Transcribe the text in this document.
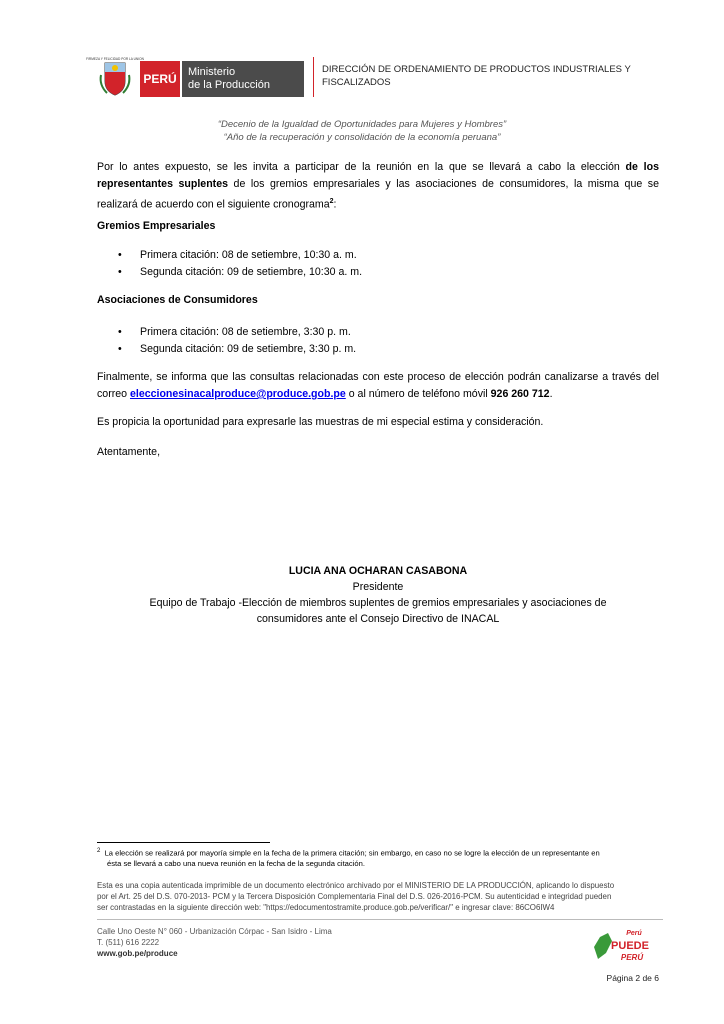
FIRMEZA Y FELICIDAD POR LA UNION
PERÚ Ministerio
de la Producción
DIRECCIÓN DE ORDENAMIENTO DE PRODUCTOS INDUSTRIALES Y
FISCALIZADOS
“Decenio de la Igualdad de Oportunidades para Mujeres y Hombres”
“Año de la recuperación y consolidación de la economía peruana”
Por lo antes expuesto, se les invita a participar de la reunión en la que se llevará a cabo la elección de los representantes suplentes de los gremios empresariales y las asociaciones de consumidores, la misma que se realizará de acuerdo con el siguiente cronograma$^2$:
Gremios Empresariales
• Primera citación: 08 de setiembre, 10:30 a. m.
• Segunda citación: 09 de setiembre, 10:30 a. m.
Asociaciones de Consumidores
• Primera citación: 08 de setiembre, 3:30 p. m.
• Segunda citación: 09 de setiembre, 3:30 p. m.
Finalmente, se informa que las consultas relacionadas con este proceso de elección podrán canalizarse a través del correo eleccionesinacalproduce@produce.gob.pe o al número de teléfono móvil 926 260 712.
Es propicia la oportunidad para expresarle las muestras de mi especial estima y consideración.
Atentamente,
LUCIA ANA OCHARAN CASABONA
Presidente
Equipo de Trabajo -Elección de miembros suplentes de gremios empresariales y asociaciones de
consumidores ante el Consejo Directivo de INACAL
$^2$ La elección se realizará por mayoría simple en la fecha de la primera citación; sin embargo, en caso no se logre la elección de un representante en
ésta se llevará a cabo una nueva reunión en la fecha de la segunda citación.
Esta es una copia autenticada imprimible de un documento electrónico archivado por el MINISTERIO DE LA PRODUCCIÓN, aplicando lo dispuesto
por el Art. 25 del D.S. 070-2013- PCM y la Tercera Disposición Complementaria Final del D.S. 026-2016-PCM. Su autenticidad e integridad pueden
ser contrastadas en la siguiente dirección web: "https://edocumentostramite.produce.gob.pe/verificar/" e ingresar clave: 86CO6IW4
Calle Uno Oeste N° 060 - Urbanización Córpac - San Isidro - Lima
T. (511) 616 2222
www.gob.pe/produce
Perú
PUEDE
PERÚ
Página 2 de 6
